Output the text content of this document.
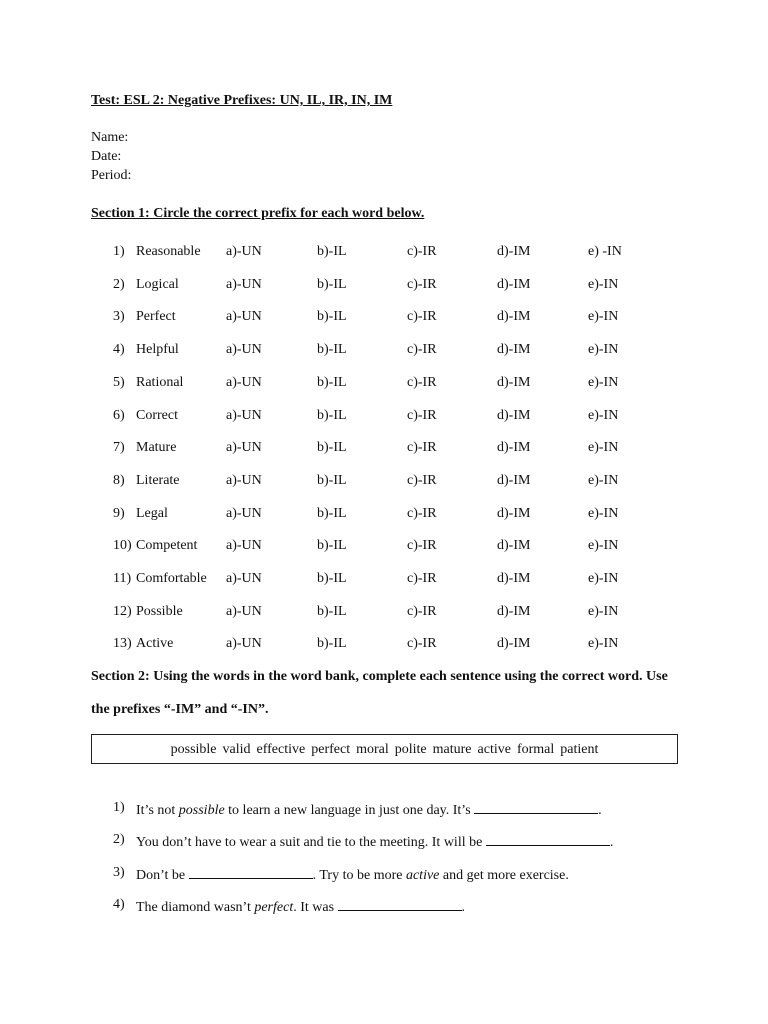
Test: ESL 2: Negative Prefixes: UN, IL, IR, IN, IM
Name:
Date:
Period:
Section 1: Circle the correct prefix for each word below.
1) Reasonable a)-UN	b)-IL	c)-IR	d)-IM	e) -IN
2) Logical	a)-UN	b)-IL	c)-IR	d)-IM	e)-IN
3) Perfect	a)-UN	b)-IL	c)-IR	d)-IM	e)-IN
4) Helpful	a)-UN	b)-IL	c)-IR	d)-IM	e)-IN
5) Rational	a)-UN	b)-IL	c)-IR	d)-IM	e)-IN
6) Correct	a)-UN	b)-IL	c)-IR	d)-IM	e)-IN
7) Mature	a)-UN	b)-IL	c)-IR	d)-IM	e)-IN
8) Literate	a)-UN	b)-IL	c)-IR	d)-IM	e)-IN
9) Legal	a)-UN	b)-IL	c)-IR	d)-IM	e)-IN
10) Competent a)-UN	b)-IL	c)-IR	d)-IM	e)-IN
11) Comfortable a)-UN	b)-IL	c)-IR	d)-IM	e)-IN
12) Possible	a)-UN	b)-IL	c)-IR	d)-IM	e)-IN
13) Active	a)-UN	b)-IL	c)-IR	d)-IM	e)-IN
Section 2: Using the words in the word bank, complete each sentence using the correct word. Use
the prefixes “-IM” and “-IN”.
possible valid effective perfect moral polite mature active formal patient
1) It’s not possible to learn a new language in just one day. It’s	.
2) You don’t have to wear a suit and tie to the meeting. It will be	.
3) Don’t be	. Try to be more active and get more exercise.
4) The diamond wasn’t perfect. It was	.
